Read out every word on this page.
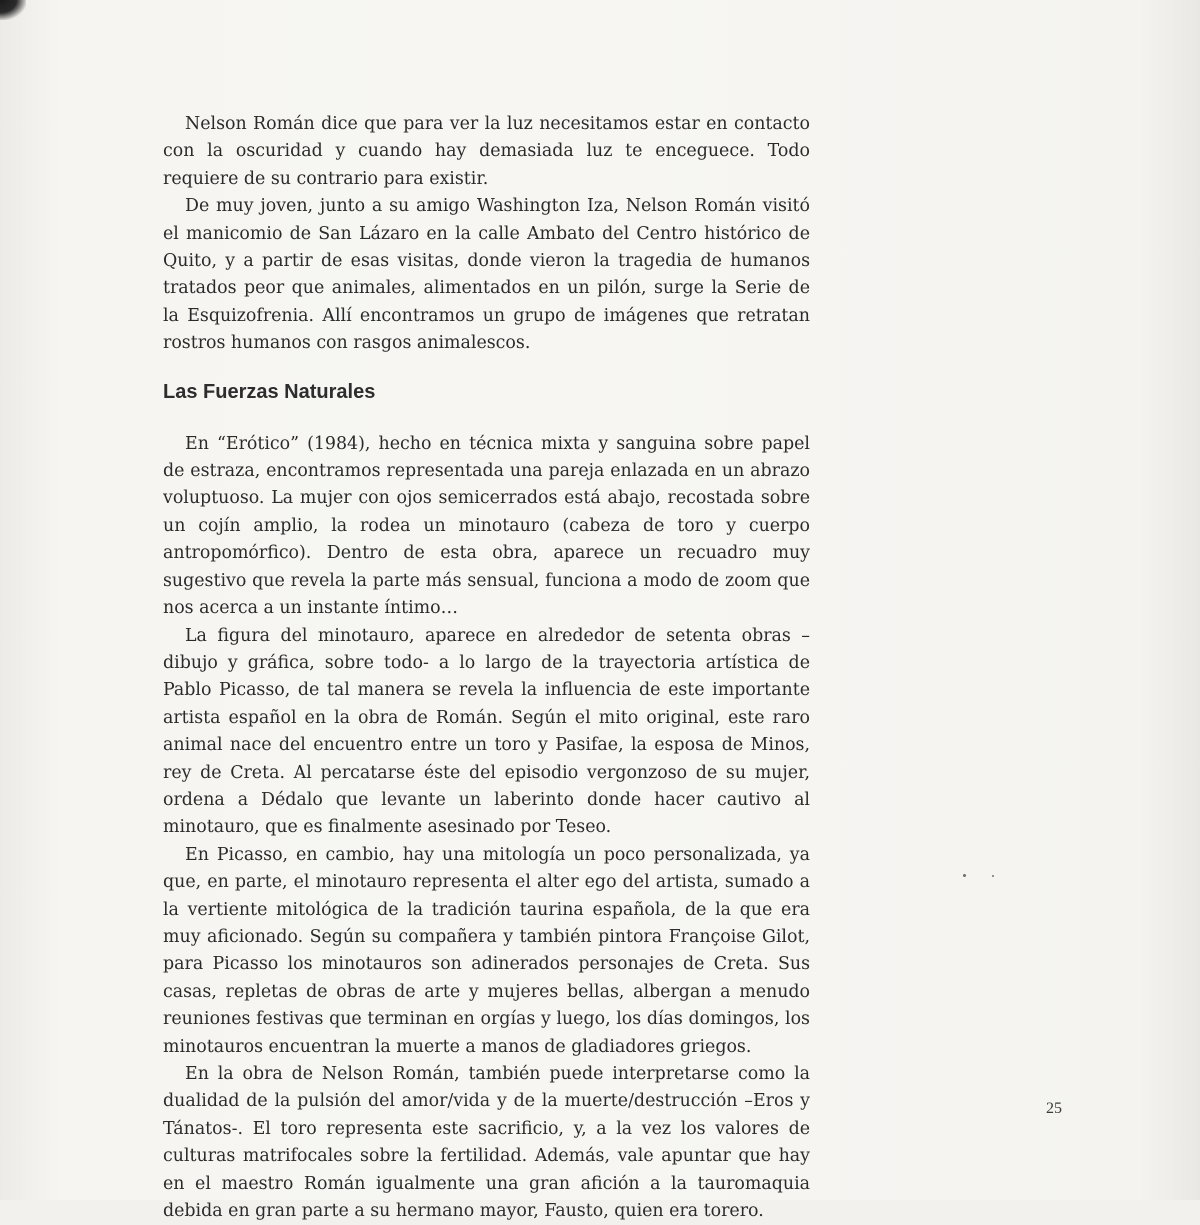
Nelson Román dice que para ver la luz necesitamos estar en contacto con la oscuridad y cuando hay demasiada luz te enceguece. Todo requiere de su contrario para existir.

De muy joven, junto a su amigo Washington Iza, Nelson Román visitó el manicomio de San Lázaro en la calle Ambato del Centro histórico de Quito, y a partir de esas visitas, donde vieron la tragedia de humanos tratados peor que animales, alimentados en un pilón, surge la Serie de la Esquizofrenia. Allí encontramos un grupo de imágenes que retratan rostros humanos con rasgos animalescos.

Las Fuerzas Naturales

En “Erótico” (1984), hecho en técnica mixta y sanguina sobre papel de estraza, encontramos representada una pareja enlazada en un abrazo voluptuoso. La mujer con ojos semicerrados está abajo, recostada sobre un cojín amplio, la rodea un minotauro (cabeza de toro y cuerpo antropomórfico). Dentro de esta obra, aparece un recuadro muy sugestivo que revela la parte más sensual, funciona a modo de zoom que nos acerca a un instante íntimo…

La figura del minotauro, aparece en alrededor de setenta obras –dibujo y gráfica, sobre todo- a lo largo de la trayectoria artística de Pablo Picasso, de tal manera se revela la influencia de este importante artista español en la obra de Román. Según el mito original, este raro animal nace del encuentro entre un toro y Pasifae, la esposa de Minos, rey de Creta. Al percatarse éste del episodio vergonzoso de su mujer, ordena a Dédalo que levante un laberinto donde hacer cautivo al minotauro, que es finalmente asesinado por Teseo.

En Picasso, en cambio, hay una mitología un poco personalizada, ya que, en parte, el minotauro representa el alter ego del artista, sumado a la vertiente mitológica de la tradición taurina española, de la que era muy aficionado. Según su compañera y también pintora Françoise Gilot, para Picasso los minotauros son adinerados personajes de Creta. Sus casas, repletas de obras de arte y mujeres bellas, albergan a menudo reuniones festivas que terminan en orgías y luego, los días domingos, los minotauros encuentran la muerte a manos de gladiadores griegos.

En la obra de Nelson Román, también puede interpretarse como la dualidad de la pulsión del amor/vida y de la muerte/destrucción –Eros y Tánatos-. El toro representa este sacrificio, y, a la vez los valores de culturas matrifocales sobre la fertilidad. Además, vale apuntar que hay en el maestro Román igualmente una gran afición a la tauromaquia debida en gran parte a su hermano mayor, Fausto, quien era torero.

25
